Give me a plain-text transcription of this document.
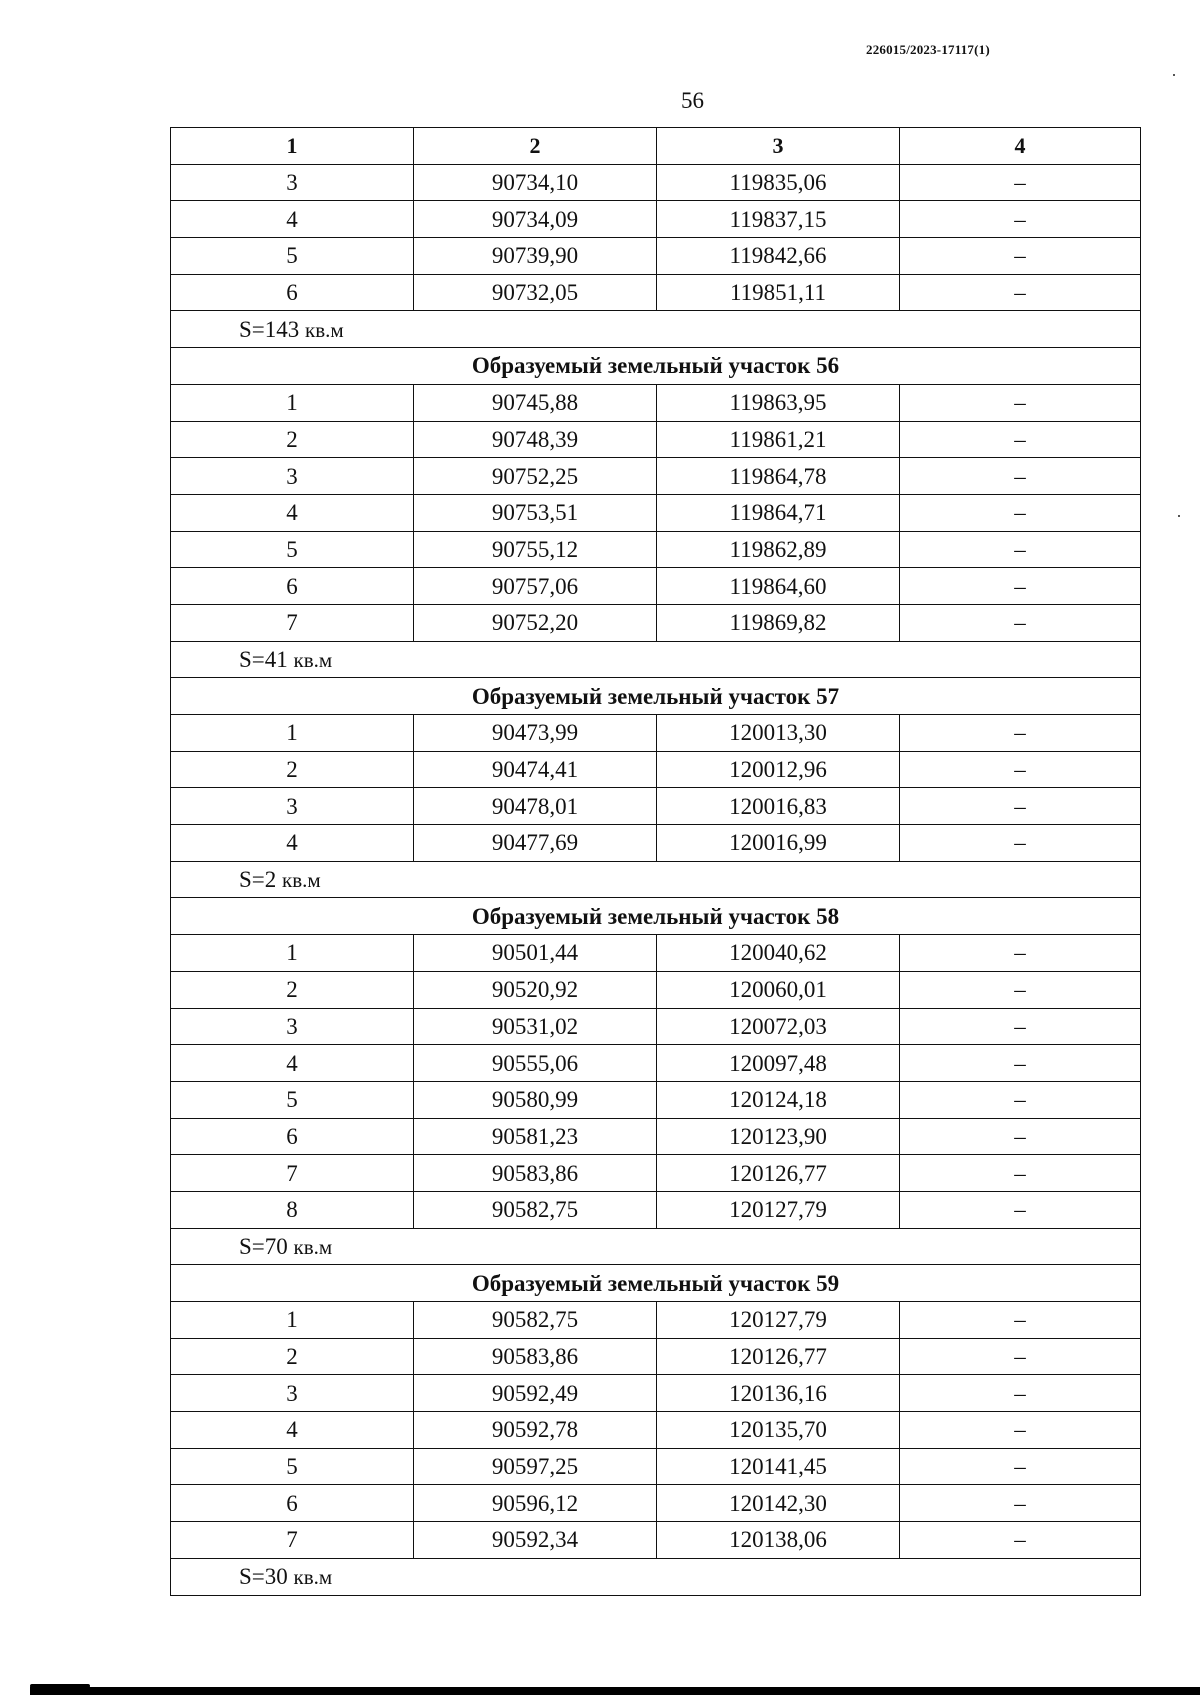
226015/2023-17117(1)
56
1	2	3	4
3	90734,10	119835,06	–
4	90734,09	119837,15	–
5	90739,90	119842,66	–
6	90732,05	119851,11	–
S=143 кв.м			
Образуемый земельный участок 56			
1	90745,88	119863,95	–
2	90748,39	119861,21	–
3	90752,25	119864,78	–
4	90753,51	119864,71	–
5	90755,12	119862,89	–
6	90757,06	119864,60	–
7	90752,20	119869,82	–
S=41 кв.м			
Образуемый земельный участок 57			
1	90473,99	120013,30	–
2	90474,41	120012,96	–
3	90478,01	120016,83	–
4	90477,69	120016,99	–
S=2 кв.м			
Образуемый земельный участок 58			
1	90501,44	120040,62	–
2	90520,92	120060,01	–
3	90531,02	120072,03	–
4	90555,06	120097,48	–
5	90580,99	120124,18	–
6	90581,23	120123,90	–
7	90583,86	120126,77	–
8	90582,75	120127,79	–
S=70 кв.м			
Образуемый земельный участок 59			
1	90582,75	120127,79	–
2	90583,86	120126,77	–
3	90592,49	120136,16	–
4	90592,78	120135,70	–
5	90597,25	120141,45	–
6	90596,12	120142,30	–
7	90592,34	120138,06	–
S=30 кв.м			
